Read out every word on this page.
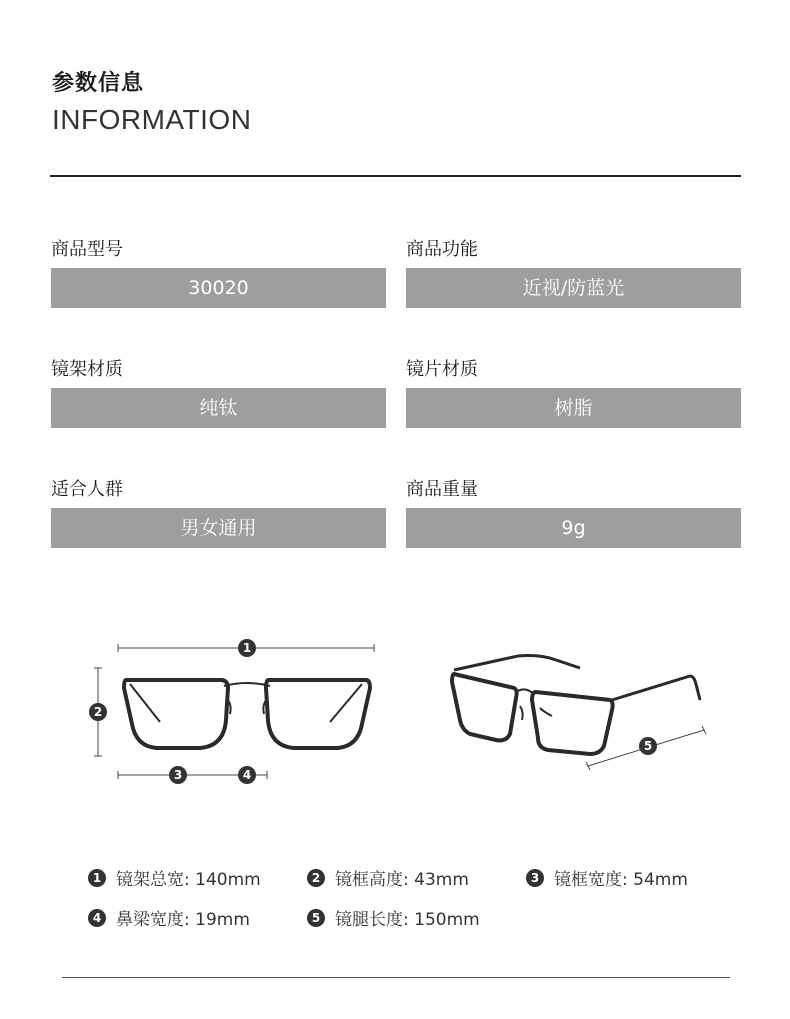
参数信息
INFORMATION
商品型号
30020
商品功能
近视/防蓝光
镜架材质
纯钛
镜片材质
树脂
适合人群
男女通用
商品重量
9g
1
2
3	4
5
1 镜架总宽: 140mm	2 镜框高度: 43mm	3 镜框宽度: 54mm
4 鼻梁宽度: 19mm	5 镜腿长度: 150mm
